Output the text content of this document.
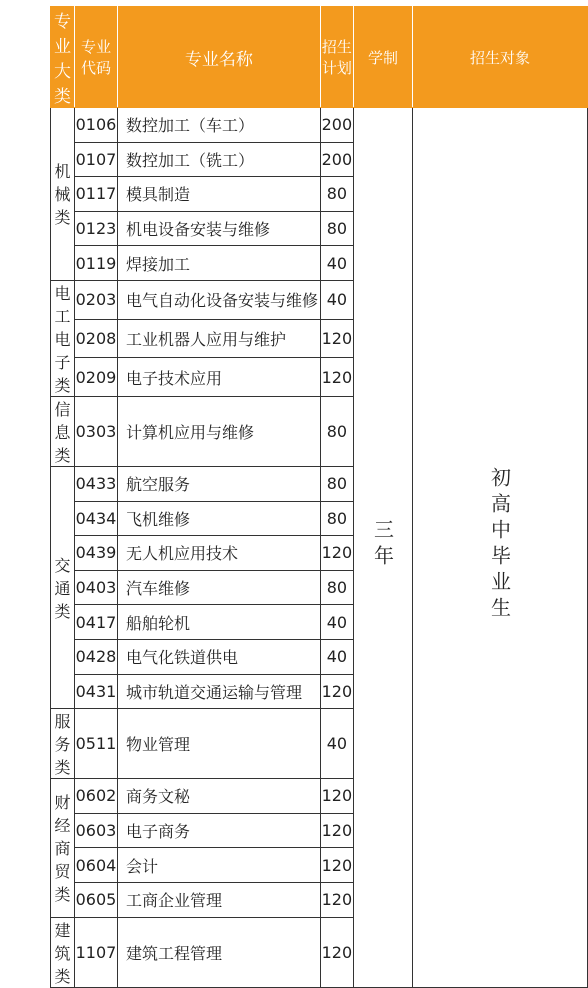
专业大类	专业代码	专业名称	招生计划	学制	招生对象
机械类	0106	数控加工（车工）	200	三年	初高中毕业生
	0107	数控加工（铣工）	200		
	0117	模具制造	80		
	0123	机电设备安装与维修	80		
	0119	焊接加工	40		
电工电子类	0203	电气自动化设备安装与维修	40		
	0208	工业机器人应用与维护	120		
	0209	电子技术应用	120		
信息类	0303	计算机应用与维修	80		
交通类	0433	航空服务	80		
	0434	飞机维修	80		
	0439	无人机应用技术	120		
	0403	汽车维修	80		
	0417	船舶轮机	40		
	0428	电气化铁道供电	40		
	0431	城市轨道交通运输与管理	120		
服务类	0511	物业管理	40		
财经商贸类	0602	商务文秘	120		
	0603	电子商务	120		
	0604	会计	120		
	0605	工商企业管理	120		
建筑类	1107	建筑工程管理	120		
